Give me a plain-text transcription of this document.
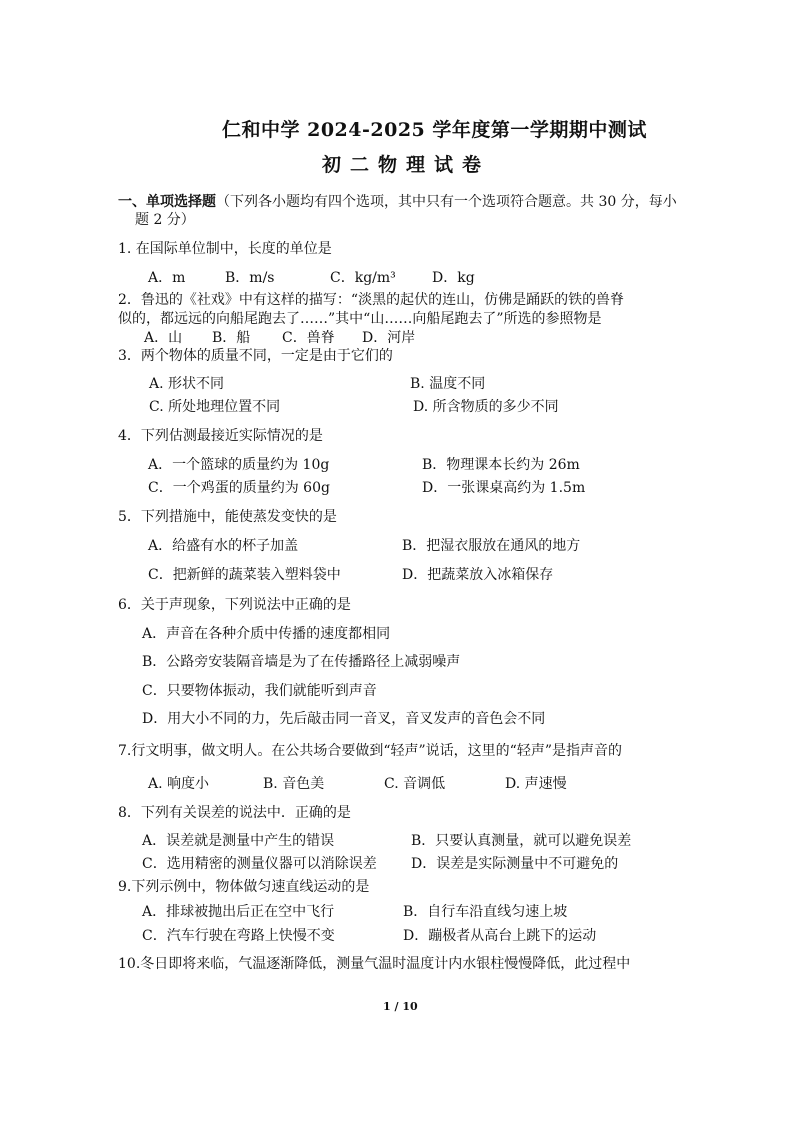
仁和中学 2024-2025 学年度第一学期期中测试
初二物理试卷
一、单项选择题（下列各小题均有四个选项，其中只有一个选项符合题意。共 30 分，每小
题 2 分）
1. 在国际单位制中，长度的单位是
A．m	B．m/s	C．kg/m³	D．kg
2．鲁迅的《社戏》中有这样的描写：“淡黑的起伏的连山，仿佛是踊跃的铁的兽脊
似的，都远远的向船尾跑去了……”其中“山……向船尾跑去了”所选的参照物是
A．山 B．船 C．兽脊 D．河岸
3．两个物体的质量不同，一定是由于它们的
A. 形状不同	B. 温度不同
C. 所处地理位置不同	D. 所含物质的多少不同
4．下列估测最接近实际情况的是
A．一个篮球的质量约为 10g	B．物理课本长约为 26m
C．一个鸡蛋的质量约为 60g	D．一张课桌高约为 1.5m
5．下列措施中，能使蒸发变快的是
A．给盛有水的杯子加盖	B．把湿衣服放在通风的地方
C．把新鲜的蔬菜装入塑料袋中	D．把蔬菜放入冰箱保存
6．关于声现象，下列说法中正确的是
A．声音在各种介质中传播的速度都相同
B．公路旁安装隔音墙是为了在传播路径上减弱噪声
C．只要物体振动，我们就能听到声音
D．用大小不同的力，先后敲击同一音叉，音叉发声的音色会不同
7.行文明事，做文明人。在公共场合要做到“轻声”说话，这里的“轻声”是指声音的
A. 响度小	B. 音色美	C. 音调低	D. 声速慢
8．下列有关误差的说法中．正确的是
A．误差就是测量中产生的错误	B．只要认真测量，就可以避免误差
C．选用精密的测量仪器可以消除误差 D．误差是实际测量中不可避免的
9.下列示例中，物体做匀速直线运动的是
A．排球被抛出后正在空中飞行	B．自行车沿直线匀速上坡
C．汽车行驶在弯路上快慢不变	D．蹦极者从高台上跳下的运动
10.冬日即将来临，气温逐渐降低，测量气温时温度计内水银柱慢慢降低，此过程中
1 / 10
